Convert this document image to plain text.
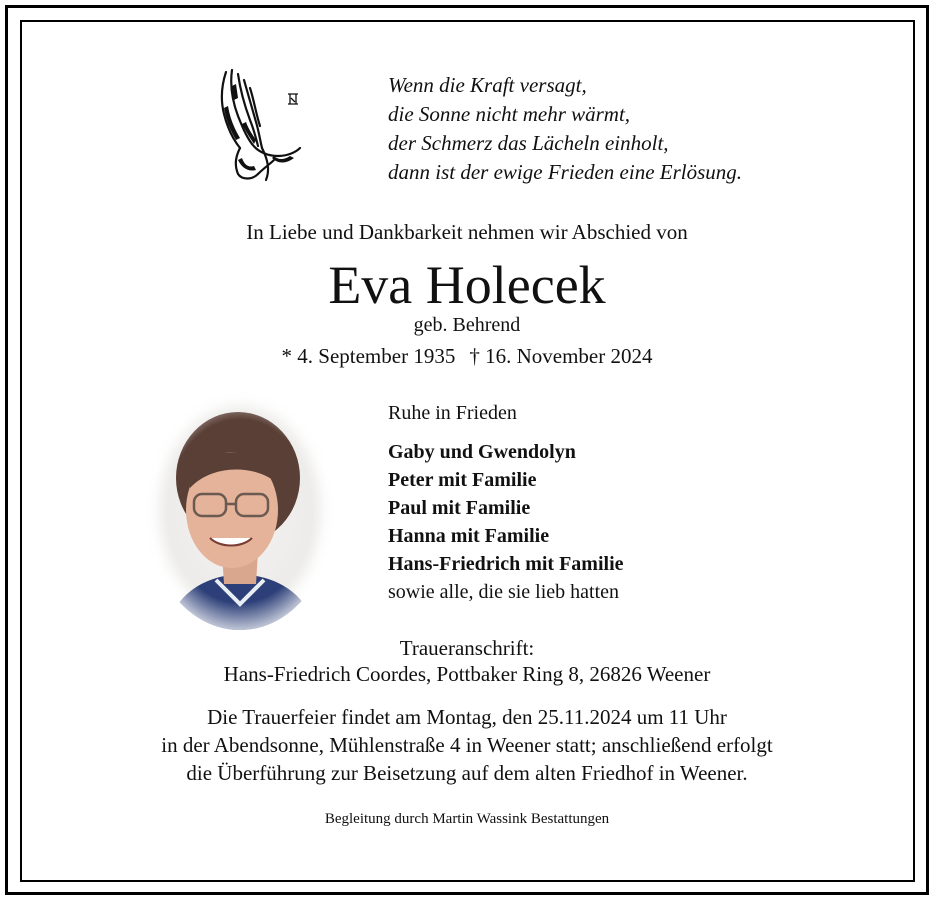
Wenn die Kraft versagt,
die Sonne nicht mehr wärmt,
der Schmerz das Lächeln einholt,
dann ist der ewige Frieden eine Erlösung.
In Liebe und Dankbarkeit nehmen wir Abschied von
Eva Holecek
geb. Behrend
* 4. September 1935 † 16. November 2024
Ruhe in Frieden
Gaby und Gwendolyn
Peter mit Familie
Paul mit Familie
Hanna mit Familie
Hans-Friedrich mit Familie
sowie alle, die sie lieb hatten
Traueranschrift:
Hans-Friedrich Coordes, Pottbaker Ring 8, 26826 Weener
Die Trauerfeier findet am Montag, den 25.11.2024 um 11 Uhr
in der Abendsonne, Mühlenstraße 4 in Weener statt; anschließend erfolgt
die Überführung zur Beisetzung auf dem alten Friedhof in Weener.
Begleitung durch Martin Wassink Bestattungen
